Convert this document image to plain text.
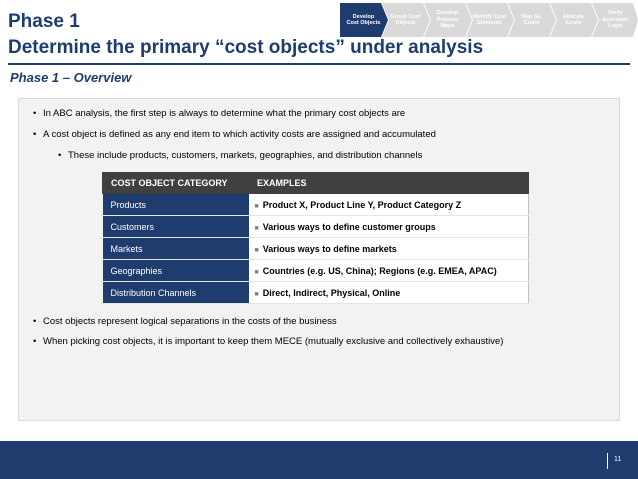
Phase 1
Determine the primary “cost objects” under analysis
Develop Cost Objects
Group Cost Objects
Develop Process Maps
Identify Cost Elements
Map GL Costs
Allocate Costs
Verify Economic Logic
Phase 1 – Overview
• In ABC analysis, the first step is always to determine what the primary cost objects are
• A cost object is defined as any end item to which activity costs are assigned and accumulated
• These include products, customers, markets, geographies, and distribution channels
COST OBJECT CATEGORY	EXAMPLES
Products	■ Product X, Product Line Y, Product Category Z
Customers	■ Various ways to define customer groups
Markets	■ Various ways to define markets
Geographies	■ Countries (e.g. US, China); Regions (e.g. EMEA, APAC)
Distribution Channels	■ Direct, Indirect, Physical, Online
• Cost objects represent logical separations in the costs of the business
• When picking cost objects, it is important to keep them MECE (mutually exclusive and collectively exhaustive)
11
